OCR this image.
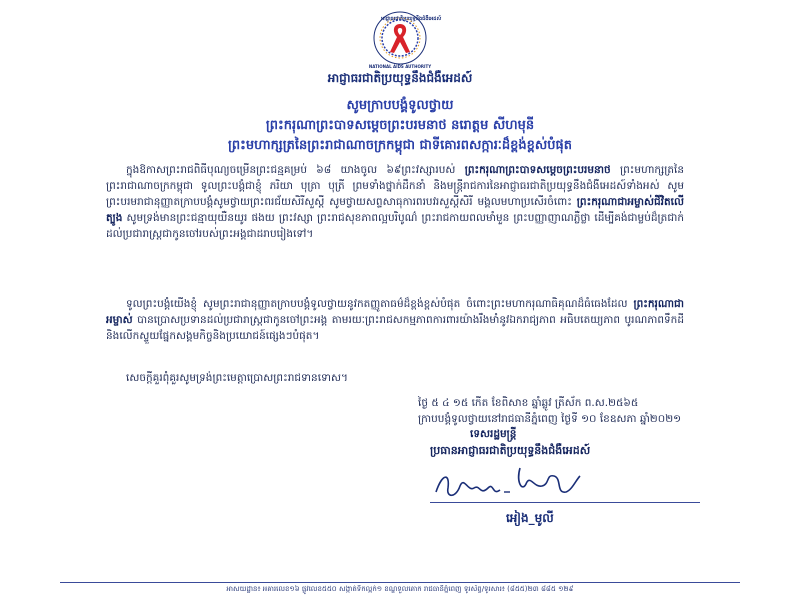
អាជ្ញាធរជាតិប្រយុទ្ធនឹងជំងឺអេដស៍
NATIONAL AIDS AUTHORITY
អាជ្ញាធរជាតិប្រយុទ្ធនឹងជំងឺអេដស៍
សូមក្រាបបង្គំទូលថ្វាយ
ព្រះករុណាព្រះបាទសម្តេចព្រះបរមនាថ នរោត្តម សីហមុនី
ព្រះមហាក្សត្រនៃព្រះរាជាណាចក្រកម្ពុជា ជាទីគោរពសក្ការៈដ៏ខ្ពង់ខ្ពស់បំផុត
ក្នុងឱកាសព្រះរាជពិធីបុណ្យចម្រើនព្រះជន្មគម្រប់ ៦៨ យាងចូល ៦៩ព្រះវស្សារបស់ ព្រះករុណាព្រះបាទសម្តេចព្រះបរមនាថ ព្រះមហាក្សត្រនៃព្រះរាជាណាចក្រកម្ពុជា ទូលព្រះបង្គំជាខ្ញុំ ភរិយា បុត្រា បុត្រី ព្រមទាំងថ្នាក់ដឹកនាំ និងមន្ត្រីរាជការនៃអាជ្ញាធរជាតិប្រយុទ្ធនឹងជំងឺអេដស៍ទាំងអស់ សូមព្រះបរមរាជានុញ្ញាតក្រាបបង្គំសូមថ្វាយព្រះពរជ័យសិរីសួស្តី សូមថ្វាយសព្ទសាធុការពរបវរសួស្តីសិរី មង្គលមហាប្រសើរចំពោះ ព្រះករុណាជាអម្ចាស់ជីវិតលើត្បូង សូមទ្រង់មានព្រះជន្មាយុយឺនយូរ ផងយ ព្រះវស្សា ព្រះរាជសុខភាពល្អបរិបូណ៌ ព្រះរាជកាយពលមាំមួន ព្រះបញ្ញាញាណភ្លឺថ្លា ដើម្បីគង់ជាម្លប់ដ៏ត្រជាក់ដល់ប្រជារាស្ត្រជាកូនចៅរបស់ព្រះអង្គជាដរាបរៀងទៅ។
ទូលព្រះបង្គំយើងខ្ញុំ សូមព្រះរាជានុញ្ញាតក្រាបបង្គំទូលថ្វាយនូវកតញ្ញូតាធម៌ដ៏ខ្ពង់ខ្ពស់បំផុត ចំពោះព្រះមហាករុណាធិគុណដ៏ធំធេងដែល ព្រះករុណាជាអម្ចាស់ បានប្រោសប្រទានដល់ប្រជារាស្ត្រជាកូនចៅព្រះអង្គ តាមរយៈព្រះរាជសកម្មភាពការពារយ៉ាងរឹងមាំនូវឯករាជ្យភាព អធិបតេយ្យភាព បូរណភាពទឹកដី និងលើកស្ទួយផ្នែកសង្គមកិច្ចនិងប្រយោជន៍ផ្សេងៗបំផុត។
សេចក្តីគួរពុំគួរសូមទ្រង់ព្រះមេត្តាប្រោសព្រះរាជទានទោស។
ថ្ងៃ ៥ ៤ ១៥ កើត ខែពិសាខ ឆ្នាំឆ្លូវ ត្រីស័ក ព.ស.២៥៦៥
ក្រាបបង្គំទូលថ្វាយនៅរាជធានីភ្នំពេញ ថ្ងៃទី ១០ ខែឧសភា ឆ្នាំ២០២១
ទេសរដ្ឋមន្ត្រី
ប្រធានអាជ្ញាធរជាតិប្រយុទ្ធនឹងជំងឺអេដស៍
អៀង_មូលី
អាសយដ្ឋាន៖ អគារលេខ១៦ ផ្លូវលេខ៥៥០ សង្កាត់ទឹកល្អក់១ ខណ្ឌទួលគោក រាជធានីភ្នំពេញ ទូរស័ព្ទ/ទូរសារ៖ (៨៥៥)២៣ ៨៨៥ ១២៩
